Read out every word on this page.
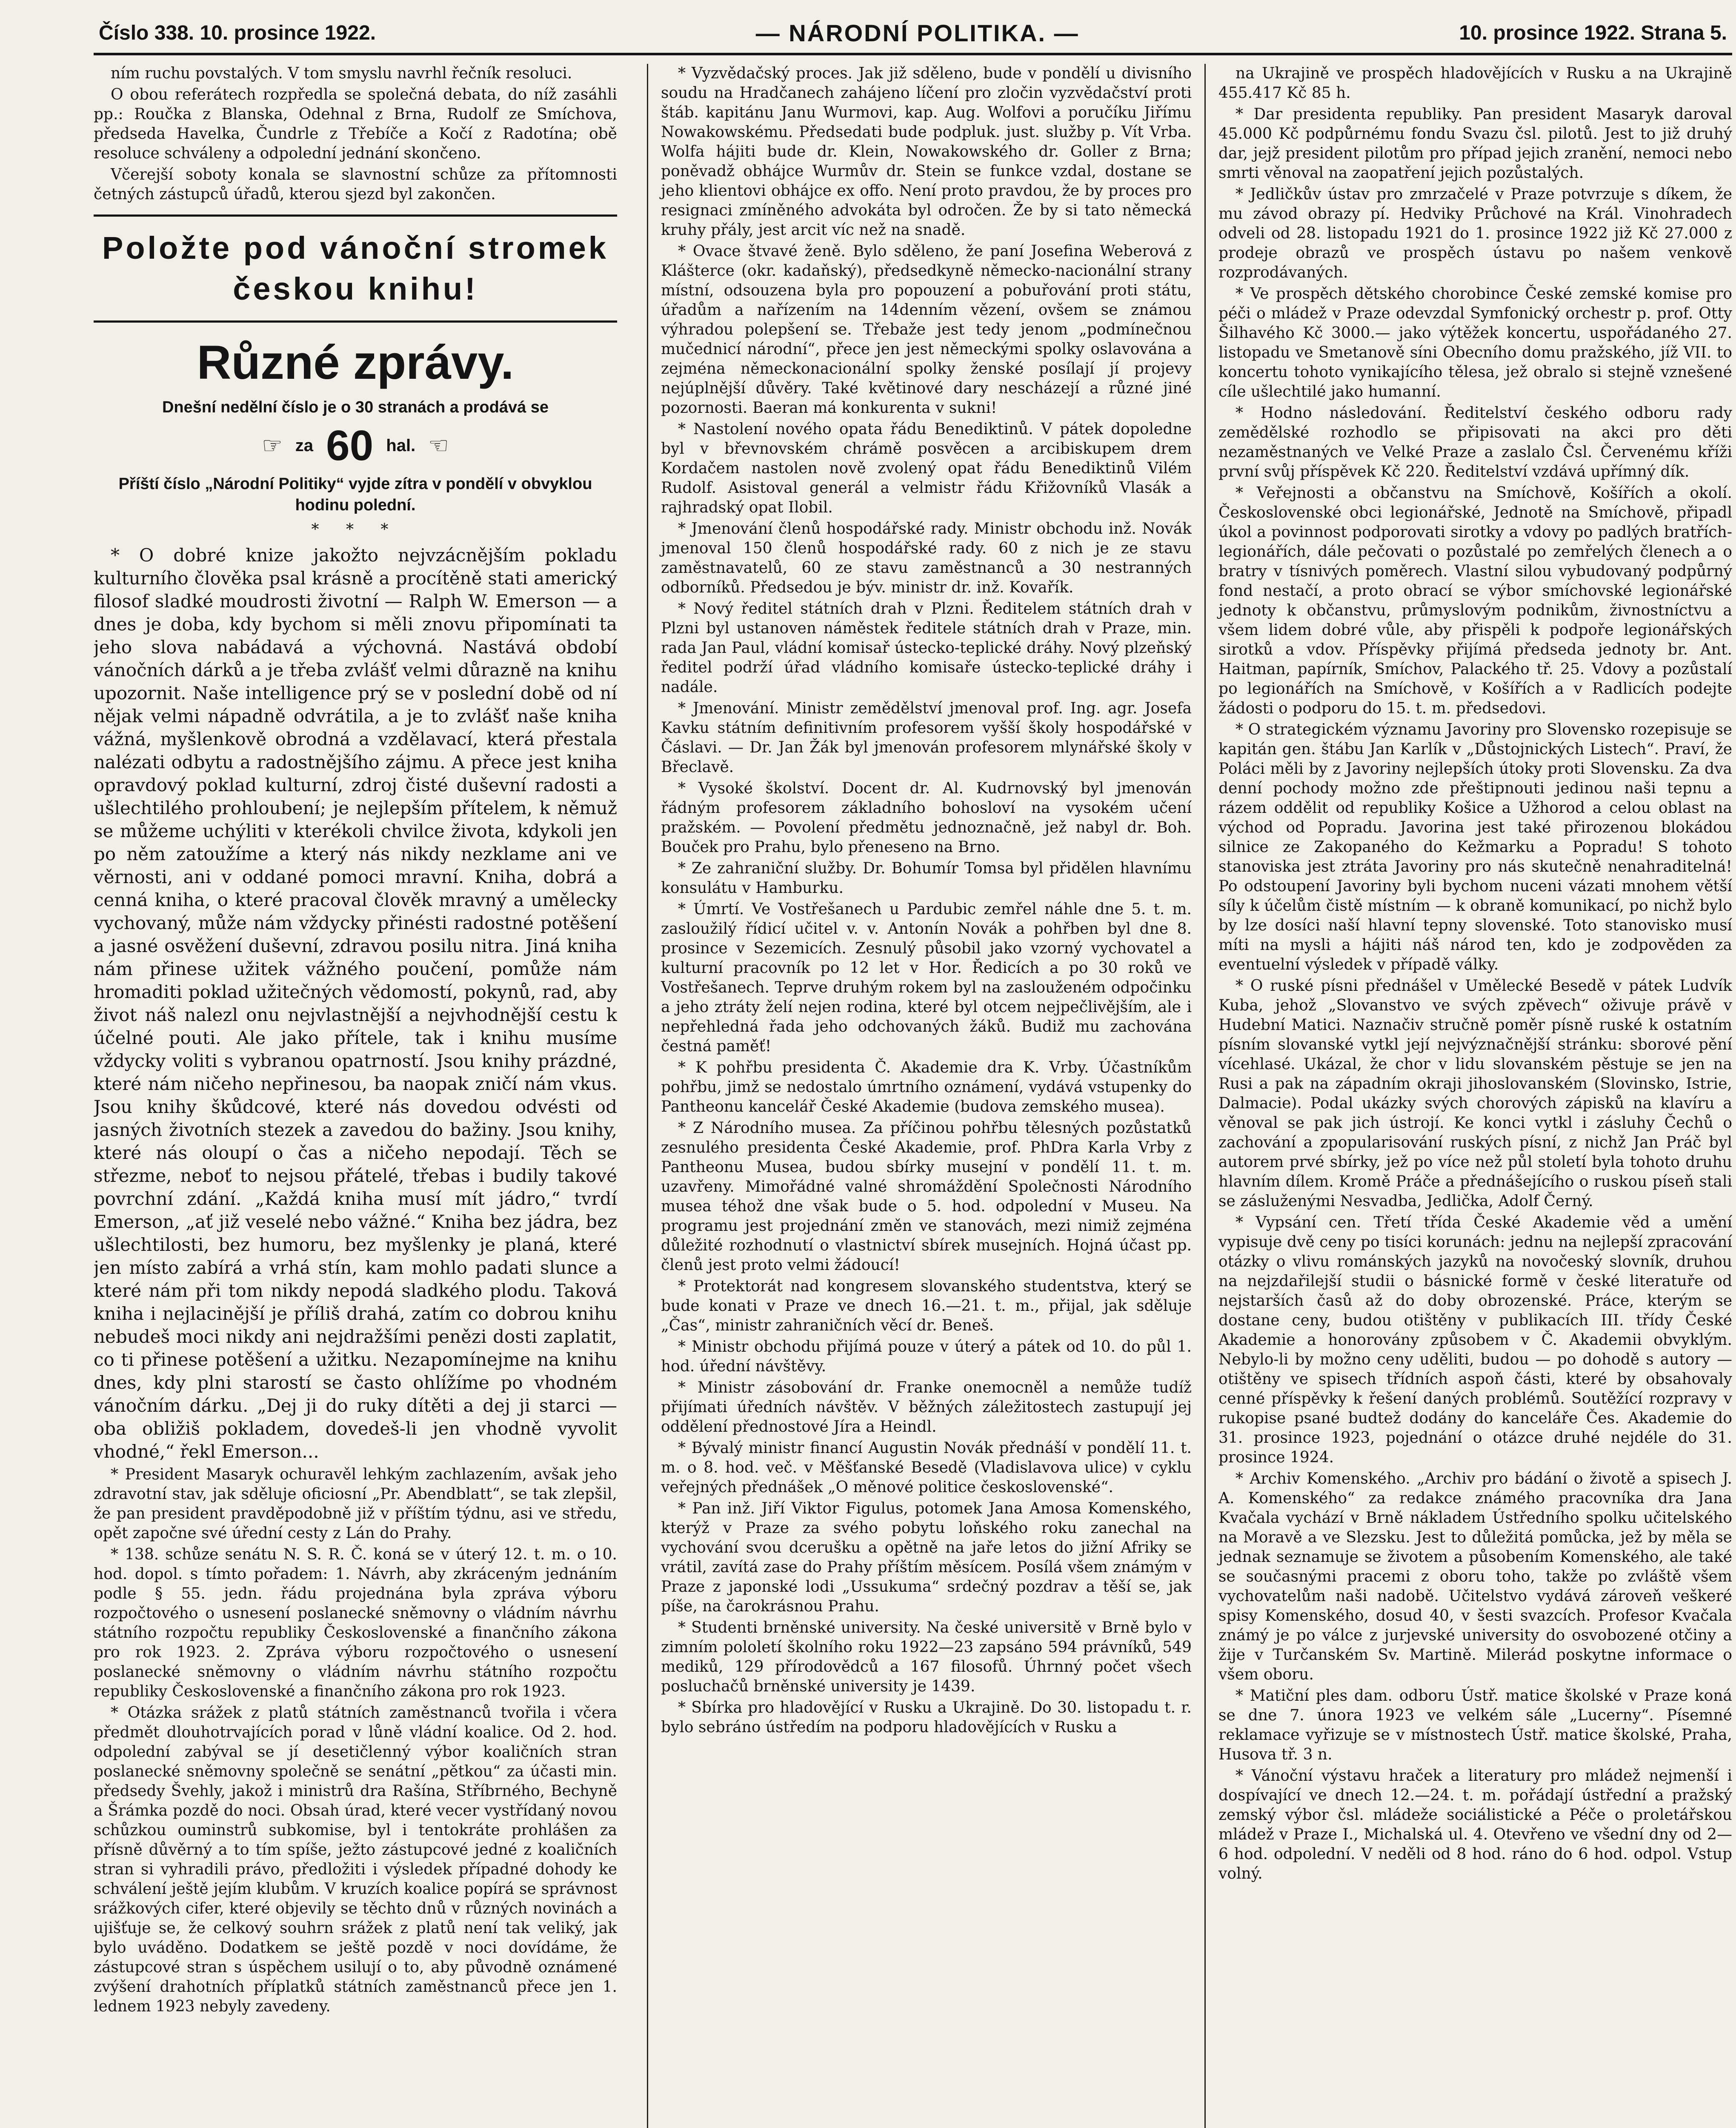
Číslo 338. 10. prosince 1922.	— NÁRODNÍ POLITIKA. —	10. prosince 1922. Strana 5.

ním ruchu povstalých. V tom smyslu navrhl řečník resoluci.

O obou referátech rozpředla se společná debata, do níž zasáhli pp.: Roučka z Blanska, Odehnal z Brna, Rudolf ze Smíchova, předseda Havelka, Čundrle z Třebíče a Kočí z Radotína; obě resoluce schváleny a odpolední jednání skončeno.

Včerejší soboty konala se slavnostní schůze za přítomnosti četných zástupců úřadů, kterou sjezd byl zakončen.

Položte pod vánoční stromek českou knihu!
Různé zprávy.
Dnešní nedělní číslo je o 30 stranách a prodává se
☞ za 60 hal. ☜
Příští číslo „Národní Politiky“ vyjde zítra v pondělí v obvyklou hodinu polední.
* * *

* O dobré knize jakožto nejvzácnějším pokladu kulturního člověka psal krásně a procítěně stati americký filosof sladké moudrosti životní — Ralph W. Emerson — a dnes je doba, kdy bychom si měli znovu připomínati ta jeho slova nabádavá a výchovná. Nastává období vánočních dárků a je třeba zvlášť velmi důrazně na knihu upozornit. Naše intelligence prý se v poslední době od ní nějak velmi nápadně odvrátila, a je to zvlášť naše kniha vážná, myšlenkově obrodná a vzdělavací, která přestala nalézati odbytu a radostnějšího zájmu. A přece jest kniha opravdový poklad kulturní, zdroj čisté duševní radosti a ušlechtilého prohloubení; je nejlepším přítelem, k němuž se můžeme uchýliti v kterékoli chvilce života, kdykoli jen po něm zatoužíme a který nás nikdy nezklame ani ve věrnosti, ani v oddané pomoci mravní. Kniha, dobrá a cenná kniha, o které pracoval člověk mravný a umělecky vychovaný, může nám vždycky přinésti radostné potěšení a jasné osvěžení duševní, zdravou posilu nitra. Jiná kniha nám přinese užitek vážného poučení, pomůže nám hromaditi poklad užitečných vědomostí, pokynů, rad, aby život náš nalezl onu nejvlastnější a nejvhodnější cestu k účelné pouti. Ale jako přítele, tak i knihu musíme vždycky voliti s vybranou opatrností. Jsou knihy prázdné, které nám ničeho nepřinesou, ba naopak zničí nám vkus. Jsou knihy škůdcové, které nás dovedou odvésti od jasných životních stezek a zavedou do bažiny. Jsou knihy, které nás oloupí o čas a ničeho nepodají. Těch se střezme, neboť to nejsou přátelé, třebas i budily takové povrchní zdání. „Každá kniha musí mít jádro,“ tvrdí Emerson, „ať již veselé nebo vážné.“ Kniha bez jádra, bez ušlechtilosti, bez humoru, bez myšlenky je planá, které jen místo zabírá a vrhá stín, kam mohlo padati slunce a které nám při tom nikdy nepodá sladkého plodu. Taková kniha i nejlacinější je příliš drahá, zatím co dobrou knihu nebudeš moci nikdy ani nejdražšími penězi dosti zaplatit, co ti přinese potěšení a užitku. Nezapomínejme na knihu dnes, kdy plni starostí se často ohlížíme po vhodném vánočním dárku. „Dej ji do ruky dítěti a dej ji starci — oba obližiš pokladem, dovedeš-li jen vhodně vyvolit vhodné,“ řekl Emerson...

* President Masaryk ochuravěl lehkým zachlazením, avšak jeho zdravotní stav, jak sděluje oficiosní „Pr. Abendblatt“, se tak zlepšil, že pan president pravděpodobně již v příštím týdnu, asi ve středu, opět započne své úřední cesty z Lán do Prahy.

* 138. schůze senátu N. S. R. Č. koná se v úterý 12. t. m. o 10. hod. dopol. s tímto pořadem: 1. Návrh, aby zkráceným jednáním podle § 55. jedn. řádu projednána byla zpráva výboru rozpočtového o usnesení poslanecké sněmovny o vládním návrhu státního rozpočtu republiky Československé a finančního zákona pro rok 1923. 2. Zpráva výboru rozpočtového o usnesení poslanecké sněmovny o vládním návrhu státního rozpočtu republiky Československé a finančního zákona pro rok 1923.

* Otázka srážek z platů státních zaměstnanců tvořila i včera předmět dlouhotrvajících porad v lůně vládní koalice. Od 2. hod. odpolední zabýval se jí desetičlenný výbor koaličních stran poslanecké sněmovny společně se senátní „pětkou“ za účasti min. předsedy Švehly, jakož i ministrů dra Rašína, Stříbrného, Bechyně a Šrámka pozdě do noci. Obsah úrad, které vecer vystřídaný novou schůzkou ouminstrů subkomise, byl i tentokráte prohlášen za přísně důvěrný a to tím spíše, ježto zástupcové jedné z koaličních stran si vyhradili právo, předložiti i výsledek případné dohody ke schválení ještě jejím klubům. V kruzích koalice popírá se správnost srážkových cifer, které objevily se těchto dnů v různých novinách a ujišťuje se, že celkový souhrn srážek z platů není tak veliký, jak bylo uváděno. Dodatkem se ještě pozdě v noci dovídáme, že zástupcové stran s úspěchem usilují o to, aby původně oznámené zvýšení drahotních příplatků státních zaměstnanců přece jen 1. lednem 1923 nebyly zavedeny.

* Vyzvědačský proces. Jak již sděleno, bude v pondělí u divisního soudu na Hradčanech zahájeno líčení pro zločin vyzvědačství proti štáb. kapitánu Janu Wurmovi, kap. Aug. Wolfovi a poručíku Jiřímu Nowakowskému. Předsedati bude podpluk. just. služby p. Vít Vrba. Wolfa hájiti bude dr. Klein, Nowakowského dr. Goller z Brna; poněvadž obhájce Wurmův dr. Stein se funkce vzdal, dostane se jeho klientovi obhájce ex offo. Není proto pravdou, že by proces pro resignaci zmíněného advokáta byl odročen. Že by si tato německá kruhy přály, jest arcit víc než na snadě.

* Ovace štvavé ženě. Bylo sděleno, že paní Josefina Weberová z Klášterce (okr. kadaňský), předsedkyně německo-nacionální strany místní, odsouzena byla pro popouzení a pobuřování proti státu, úřadům a nařízením na 14denním vězení, ovšem se známou výhradou polepšení se. Třebaže jest tedy jenom „podmínečnou mučednicí národní“, přece jen jest německými spolky oslavována a zejména německonacionální spolky ženské posílají jí projevy nejúplnější důvěry. Také květinové dary nescházejí a různé jiné pozornosti. Baeran má konkurenta v sukni!

* Nastolení nového opata řádu Benediktinů. V pátek dopoledne byl v břevnovském chrámě posvěcen a arcibiskupem drem Kordačem nastolen nově zvolený opat řádu Benediktinů Vilém Rudolf. Asistoval generál a velmistr řádu Křižovníků Vlasák a rajhradský opat Ilobil.

* Jmenování členů hospodářské rady. Ministr obchodu inž. Novák jmenoval 150 členů hospodářské rady. 60 z nich je ze stavu zaměstnavatelů, 60 ze stavu zaměstnanců a 30 nestranných odborníků. Předsedou je býv. ministr dr. inž. Kovařík.

* Nový ředitel státních drah v Plzni. Ředitelem státních drah v Plzni byl ustanoven náměstek ředitele státních drah v Praze, min. rada Jan Paul, vládní komisař ústecko-teplické dráhy. Nový plzeňský ředitel podrží úřad vládního komisaře ústecko-teplické dráhy i nadále.

* Jmenování. Ministr zemědělství jmenoval prof. Ing. agr. Josefa Kavku státním definitivním profesorem vyšší školy hospodářské v Čáslavi. — Dr. Jan Žák byl jmenován profesorem mlynářské školy v Břeclavě.

* Vysoké školství. Docent dr. Al. Kudrnovský byl jmenován řádným profesorem základního bohosloví na vysokém učení pražském. — Povolení předmětu jednoznačně, jež nabyl dr. Boh. Bouček pro Prahu, bylo přeneseno na Brno.

* Ze zahraniční služby. Dr. Bohumír Tomsa byl přidělen hlavnímu konsulátu v Hamburku.

* Úmrtí. Ve Vostřešanech u Pardubic zemřel náhle dne 5. t. m. zasloužilý řídicí učitel v. v. Antonín Novák a pohřben byl dne 8. prosince v Sezemicích. Zesnulý působil jako vzorný vychovatel a kulturní pracovník po 12 let v Hor. Ředicích a po 30 roků ve Vostřešanech. Teprve druhým rokem byl na zaslouženém odpočinku a jeho ztráty želí nejen rodina, které byl otcem nejpečlivějším, ale i nepřehledná řada jeho odchovaných žáků. Budiž mu zachována čestná paměť!

* K pohřbu presidenta Č. Akademie dra K. Vrby. Účastníkům pohřbu, jimž se nedostalo úmrtního oznámení, vydává vstupenky do Pantheonu kancelář České Akademie (budova zemského musea).

* Z Národního musea. Za příčinou pohřbu tělesných pozůstatků zesnulého presidenta České Akademie, prof. PhDra Karla Vrby z Pantheonu Musea, budou sbírky musejní v pondělí 11. t. m. uzavřeny. Mimořádné valné shromáždění Společnosti Národního musea téhož dne však bude o 5. hod. odpolední v Museu. Na programu jest projednání změn ve stanovách, mezi nimiž zejména důležité rozhodnutí o vlastnictví sbírek musejních. Hojná účast pp. členů jest proto velmi žádoucí!

* Protektorát nad kongresem slovanského studentstva, který se bude konati v Praze ve dnech 16.—21. t. m., přijal, jak sděluje „Čas“, ministr zahraničních věcí dr. Beneš.

* Ministr obchodu přijímá pouze v úterý a pátek od 10. do půl 1. hod. úřední návštěvy.

* Ministr zásobování dr. Franke onemocněl a nemůže tudíž přijímati úředních návštěv. V běžných záležitostech zastupují jej oddělení přednostové Jíra a Heindl.

* Bývalý ministr financí Augustin Novák přednáší v pondělí 11. t. m. o 8. hod. več. v Měšťanské Besedě (Vladislavova ulice) v cyklu veřejných přednášek „O měnové politice československé“.

* Pan inž. Jiří Viktor Figulus, potomek Jana Amosa Komenského, kterýž v Praze za svého pobytu loňského roku zanechal na vychování svou dcerušku a opětně na jaře letos do jižní Afriky se vrátil, zavítá zase do Prahy příštím měsícem. Posílá všem známým v Praze z japonské lodi „Ussukuma“ srdečný pozdrav a těší se, jak píše, na čarokrásnou Prahu.

* Studenti brněnské university. Na české universitě v Brně bylo v zimním pololetí školního roku 1922—23 zapsáno 594 právníků, 549 mediků, 129 přírodovědců a 167 filosofů. Úhrnný počet všech posluchačů brněnské university je 1439.

* Sbírka pro hladovějící v Rusku a Ukrajině. Do 30. listopadu t. r. bylo sebráno ústředím na podporu hladovějících v Rusku a

na Ukrajině ve prospěch hladovějících v Rusku a na Ukrajině 455.417 Kč 85 h.

* Dar presidenta republiky. Pan president Masaryk daroval 45.000 Kč podpůrnému fondu Svazu čsl. pilotů. Jest to již druhý dar, jejž president pilotům pro případ jejich zranění, nemoci nebo smrti věnoval na zaopatření jejich pozůstalých.

* Jedličkův ústav pro zmrzačelé v Praze potvrzuje s díkem, že mu závod obrazy pí. Hedviky Průchové na Král. Vinohradech odveli od 28. listopadu 1921 do 1. prosince 1922 již Kč 27.000 z prodeje obrazů ve prospěch ústavu po našem venkově rozprodávaných.

* Ve prospěch dětského chorobince České zemské komise pro péči o mládež v Praze odevzdal Symfonický orchestr p. prof. Otty Šilhavého Kč 3000.— jako výtěžek koncertu, uspořádaného 27. listopadu ve Smetanově síni Obecního domu pražského, jíž VII. to koncertu tohoto vynikajícího tělesa, jež obralo si stejně vznešené cíle ušlechtilé jako humanní.

* Hodno následování. Ředitelství českého odboru rady zemědělské rozhodlo se připisovati na akci pro děti nezaměstnaných ve Velké Praze a zaslalo Čsl. Červenému kříži první svůj příspěvek Kč 220. Ředitelství vzdává upřímný dík.

* Veřejnosti a občanstvu na Smíchově, Košířích a okolí. Československé obci legionářské, Jednotě na Smíchově, připadl úkol a povinnost podporovati sirotky a vdovy po padlých bratřích-legionářích, dále pečovati o pozůstalé po zemřelých členech a o bratry v tísnivých poměrech. Vlastní silou vybudovaný podpůrný fond nestačí, a proto obrací se výbor smíchovské legionářské jednoty k občanstvu, průmyslovým podnikům, živnostníctvu a všem lidem dobré vůle, aby přispěli k podpoře legionářských sirotků a vdov. Příspěvky přijímá předseda jednoty br. Ant. Haitman, papírník, Smíchov, Palackého tř. 25. Vdovy a pozůstalí po legionářích na Smíchově, v Košířích a v Radlicích podejte žádosti o podporu do 15. t. m. předsedovi.

* O strategickém významu Javoriny pro Slovensko rozepisuje se kapitán gen. štábu Jan Karlík v „Důstojnických Listech“. Praví, že Poláci měli by z Javoriny nejlepších útoky proti Slovensku. Za dva denní pochody možno zde přeštipnouti jedinou naši tepnu a rázem oddělit od republiky Košice a Užhorod a celou oblast na východ od Popradu. Javorina jest také přirozenou blokádou silnice ze Zakopaného do Kežmarku a Popradu! S tohoto stanoviska jest ztráta Javoriny pro nás skutečně nenahraditelná! Po odstoupení Javoriny byli bychom nuceni vázati mnohem větší síly k účelům čistě místním — k obraně komunikací, po nichž bylo by lze dosíci naší hlavní tepny slovenské. Toto stanovisko musí míti na mysli a hájiti náš národ ten, kdo je zodpověden za eventuelní výsledek v případě války.

* O ruské písni přednášel v Umělecké Besedě v pátek Ludvík Kuba, jehož „Slovanstvo ve svých zpěvech“ oživuje právě v Hudební Matici. Naznačiv stručně poměr písně ruské k ostatním písním slovanské vytkl její nejvýznačnější stránku: sborové pění vícehlasé. Ukázal, že chor v lidu slovanském pěstuje se jen na Rusi a pak na západním okraji jihoslovanském (Slovinsko, Istrie, Dalmacie). Podal ukázky svých chorových zápisků na klavíru a věnoval se pak jich ústrojí. Ke konci vytkl i zásluhy Čechů o zachování a zpopularisování ruských písní, z nichž Jan Práč byl autorem prvé sbírky, jež po více než půl století byla tohoto druhu hlavním dílem. Kromě Práče a přednášejícího o ruskou píseň stali se zásluženými Nesvadba, Jedlička, Adolf Černý.

* Vypsání cen. Třetí třída České Akademie věd a umění vypisuje dvě ceny po tisíci korunách: jednu na nejlepší zpracování otázky o vlivu románských jazyků na novočeský slovník, druhou na nejzdařilejší studii o básnické formě v české literatuře od nejstarších časů až do doby obrozenské. Práce, kterým se dostane ceny, budou otištěny v publikacích III. třídy České Akademie a honorovány způsobem v Č. Akademii obvyklým. Nebylo-li by možno ceny uděliti, budou — po dohodě s autory — otištěny ve spisech třídních aspoň části, které by obsahovaly cenné příspěvky k řešení daných problémů. Soutěžící rozpravy v rukopise psané budtež dodány do kanceláře Čes. Akademie do 31. prosince 1923, pojednání o otázce druhé nejdéle do 31. prosince 1924.

* Archiv Komenského. „Archiv pro bádání o životě a spisech J. A. Komenského“ za redakce známého pracovníka dra Jana Kvačala vychází v Brně nákladem Ústředního spolku učitelského na Moravě a ve Slezsku. Jest to důležitá pomůcka, jež by měla se jednak seznamuje se životem a působením Komenského, ale také se současnými pracemi z oboru toho, takže po zvláště všem vychovatelům naši nadobě. Učitelstvo vydává zároveň veškeré spisy Komenského, dosud 40, v šesti svazcích. Profesor Kvačala známý je po válce z jurjevské university do osvobozené otčiny a žije v Turčanském Sv. Martině. Milerád poskytne informace o všem oboru.

* Matiční ples dam. odboru Ústř. matice školské v Praze koná se dne 7. února 1923 ve velkém sále „Lucerny“. Písemné reklamace vyřizuje se v místnostech Ústř. matice školské, Praha, Husova tř. 3 n.

* Vánoční výstavu hraček a literatury pro mládež nejmenší i dospívající ve dnech 12.—24. t. m. pořádají ústřední a pražský zemský výbor čsl. mládeže sociálistické a Péče o proletářskou mládež v Praze I., Michalská ul. 4. Otevřeno ve všední dny od 2—6 hod. odpolední. V neděli od 8 hod. ráno do 6 hod. odpol. Vstup volný.
